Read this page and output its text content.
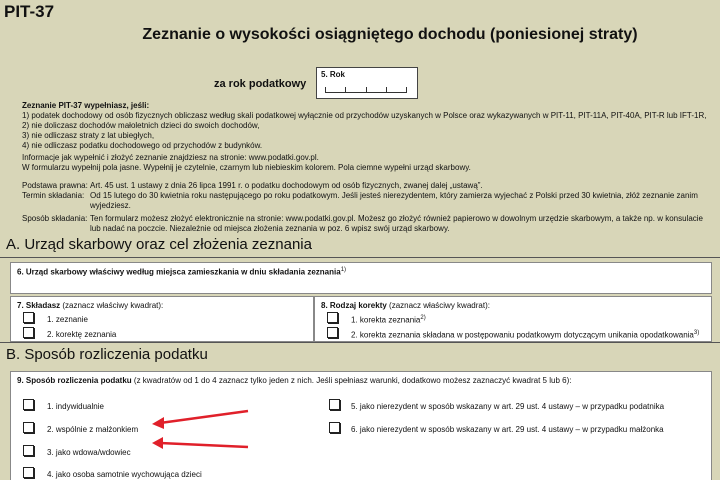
PIT-37
Zeznanie o wysokości osiągniętego dochodu (poniesionej straty)
za rok podatkowy
5. Rok
Zeznanie PIT-37 wypełniasz, jeśli:
1) podatek dochodowy od osób fizycznych obliczasz według skali podatkowej wyłącznie od przychodów uzyskanych w Polsce oraz wykazywanych w PIT-11, PIT-11A, PIT-40A, PIT-R lub IFT-1R,
2) nie doliczasz dochodów małoletnich dzieci do swoich dochodów,
3) nie odliczasz straty z lat ubiegłych,
4) nie odliczasz podatku dochodowego od przychodów z budynków.
Informacje jak wypełnić i złożyć zeznanie znajdziesz na stronie: www.podatki.gov.pl.
W formularzu wypełnij pola jasne. Wypełnij je czytelnie, czarnym lub niebieskim kolorem. Pola ciemne wypełni urząd skarbowy.
Podstawa prawna: Art. 45 ust. 1 ustawy z dnia 26 lipca 1991 r. o podatku dochodowym od osób fizycznych, zwanej dalej „ustawą”.
Termin składania: Od 15 lutego do 30 kwietnia roku następującego po roku podatkowym. Jeśli jesteś nierezydentem, który zamierza wyjechać z Polski przed 30 kwietnia, złóż zeznanie zanim wyjedziesz.
Sposób składania: Ten formularz możesz złożyć elektronicznie na stronie: www.podatki.gov.pl. Możesz go złożyć również papierowo w dowolnym urzędzie skarbowym, a także np. w konsulacie lub nadać na poczcie. Niezależnie od miejsca złożenia zeznania w poz. 6 wpisz swój urząd skarbowy.
A. Urząd skarbowy oraz cel złożenia zeznania
6. Urząd skarbowy właściwy według miejsca zamieszkania w dniu składania zeznania$^{1)}$
7. Składasz (zaznacz właściwy kwadrat):
1. zeznanie
2. korektę zeznania
8. Rodzaj korekty (zaznacz właściwy kwadrat):
1. korekta zeznania$^{2)}$
2. korekta zeznania składana w postępowaniu podatkowym dotyczącym unikania opodatkowania$^{3)}$
B. Sposób rozliczenia podatku
9. Sposób rozliczenia podatku (z kwadratów od 1 do 4 zaznacz tylko jeden z nich. Jeśli spełniasz warunki, dodatkowo możesz zaznaczyć kwadrat 5 lub 6):
1. indywidualnie
2. wspólnie z małżonkiem
3. jako wdowa/wdowiec
4. jako osoba samotnie wychowująca dzieci
5. jako nierezydent w sposób wskazany w art. 29 ust. 4 ustawy – w przypadku podatnika
6. jako nierezydent w sposób wskazany w art. 29 ust. 4 ustawy – w przypadku małżonka
